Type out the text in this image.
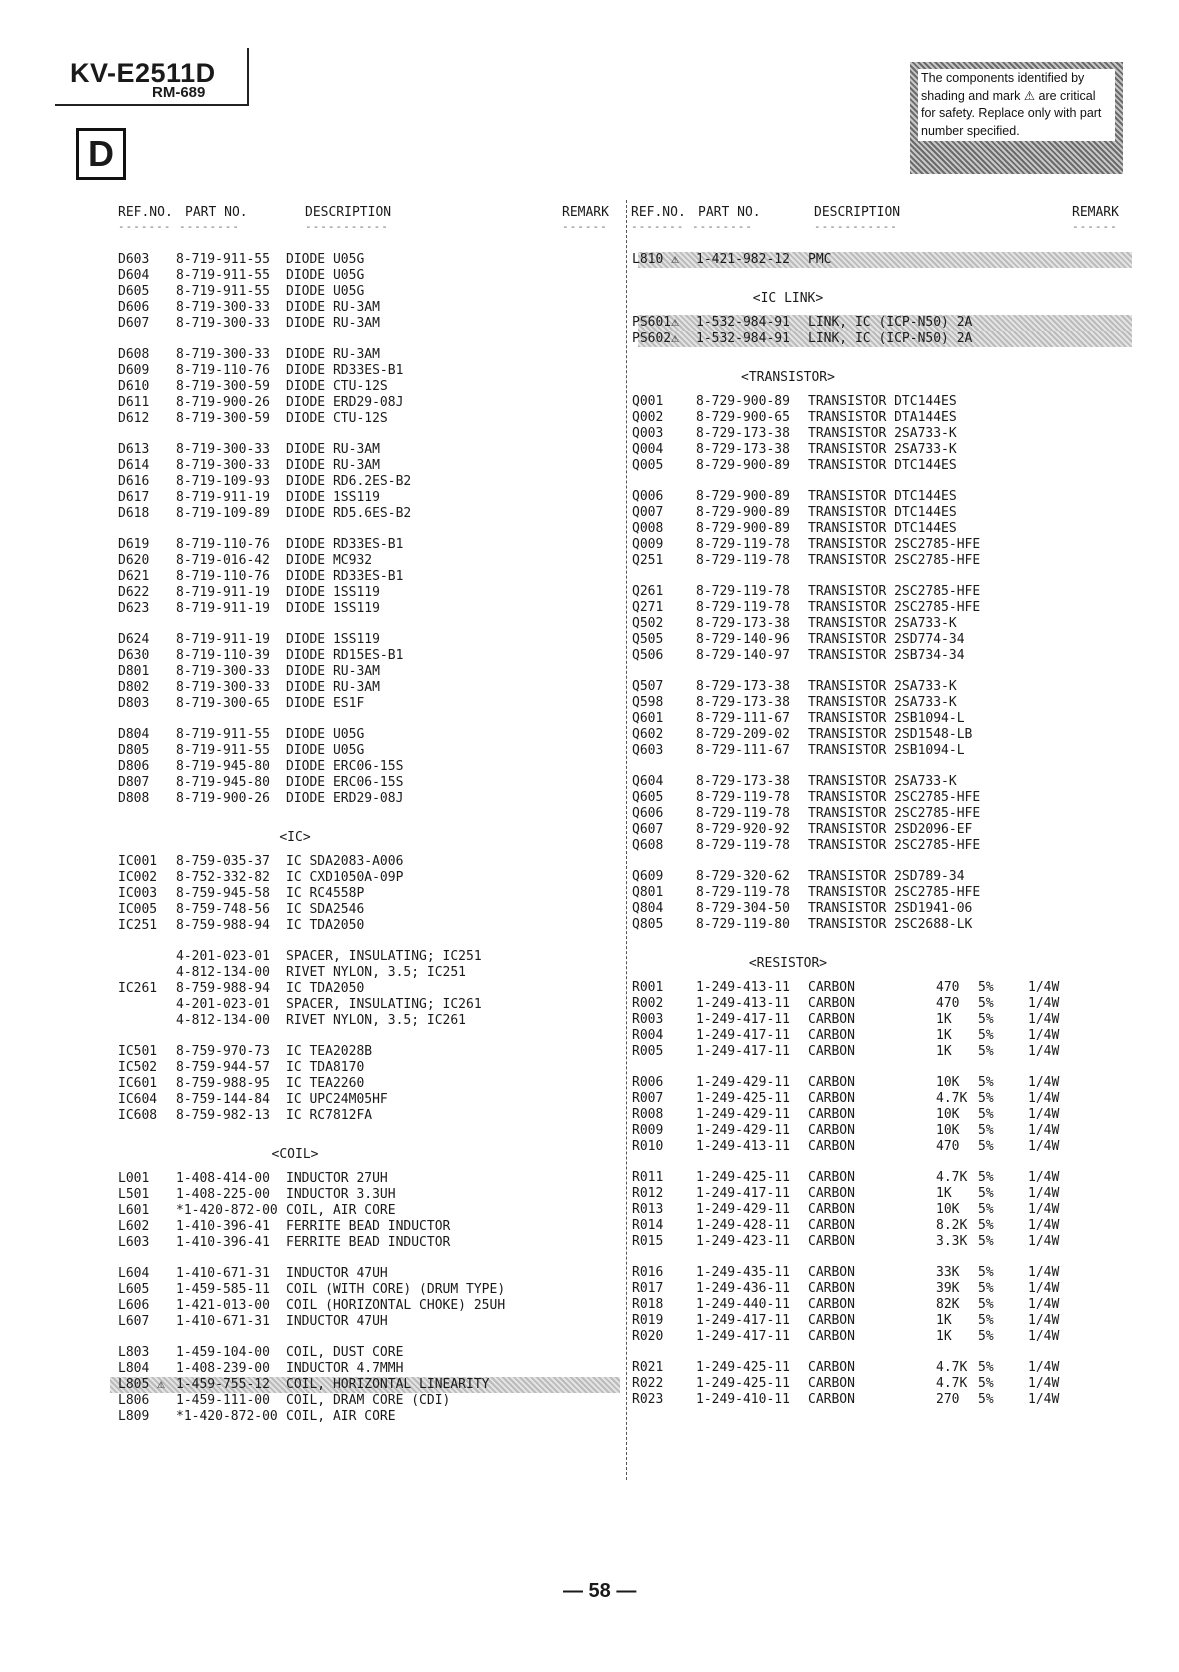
KV-E2511D
RM-689
D
The components identified by shading and mark ⚠ are critical for safety. Replace only with part number specified.
REF.NO. PART NO.	DESCRIPTION	REMARK
------- --------	-----------	------
REF.NO. PART NO.	DESCRIPTION	REMARK
------- --------	-----------	------
D603 8-719-911-55 DIODE U05G
D604 8-719-911-55 DIODE U05G
D605 8-719-911-55 DIODE U05G
D606 8-719-300-33 DIODE RU-3AM
D607 8-719-300-33 DIODE RU-3AM
D608 8-719-300-33 DIODE RU-3AM
D609 8-719-110-76 DIODE RD33ES-B1
D610 8-719-300-59 DIODE CTU-12S
D611 8-719-900-26 DIODE ERD29-08J
D612 8-719-300-59 DIODE CTU-12S
D613 8-719-300-33 DIODE RU-3AM
D614 8-719-300-33 DIODE RU-3AM
D616 8-719-109-93 DIODE RD6.2ES-B2
D617 8-719-911-19 DIODE 1SS119
D618 8-719-109-89 DIODE RD5.6ES-B2
D619 8-719-110-76 DIODE RD33ES-B1
D620 8-719-016-42 DIODE MC932
D621 8-719-110-76 DIODE RD33ES-B1
D622 8-719-911-19 DIODE 1SS119
D623 8-719-911-19 DIODE 1SS119
D624 8-719-911-19 DIODE 1SS119
D630 8-719-110-39 DIODE RD15ES-B1
D801 8-719-300-33 DIODE RU-3AM
D802 8-719-300-33 DIODE RU-3AM
D803 8-719-300-65 DIODE ES1F
D804 8-719-911-55 DIODE U05G
D805 8-719-911-55 DIODE U05G
D806 8-719-945-80 DIODE ERC06-15S
D807 8-719-945-80 DIODE ERC06-15S
D808 8-719-900-26 DIODE ERD29-08J
<IC>
IC001 8-759-035-37 IC SDA2083-A006
IC002 8-752-332-82 IC CXD1050A-09P
IC003 8-759-945-58 IC RC4558P
IC005 8-759-748-56 IC SDA2546
IC251 8-759-988-94 IC TDA2050
4-201-023-01 SPACER, INSULATING; IC251
4-812-134-00 RIVET NYLON, 3.5; IC251
IC261 8-759-988-94 IC TDA2050
4-201-023-01 SPACER, INSULATING; IC261
4-812-134-00 RIVET NYLON, 3.5; IC261
IC501 8-759-970-73 IC TEA2028B
IC502 8-759-944-57 IC TDA8170
IC601 8-759-988-95 IC TEA2260
IC604 8-759-144-84 IC UPC24M05HF
IC608 8-759-982-13 IC RC7812FA
<COIL>
L001 1-408-414-00 INDUCTOR 27UH
L501 1-408-225-00 INDUCTOR 3.3UH
L601 *1-420-872-00 COIL, AIR CORE
L602 1-410-396-41 FERRITE BEAD INDUCTOR
L603 1-410-396-41 FERRITE BEAD INDUCTOR
L604 1-410-671-31 INDUCTOR 47UH
L605 1-459-585-11 COIL (WITH CORE) (DRUM TYPE)
L606 1-421-013-00 COIL (HORIZONTAL CHOKE) 25UH
L607 1-410-671-31 INDUCTOR 47UH
L803 1-459-104-00 COIL, DUST CORE
L804 1-408-239-00 INDUCTOR 4.7MMH
L805 ⚠ 1-459-755-12 COIL, HORIZONTAL LINEARITY
L806 1-459-111-00 COIL, DRAM CORE (CDI)
L809 *1-420-872-00 COIL, AIR CORE
L810 ⚠ 1-421-982-12 PMC
<IC LINK>
PS601⚠ 1-532-984-91 LINK, IC (ICP-N50) 2A
PS602⚠ 1-532-984-91 LINK, IC (ICP-N50) 2A
<TRANSISTOR>
Q001	8-729-900-89 TRANSISTOR DTC144ES
Q002	8-729-900-65 TRANSISTOR DTA144ES
Q003	8-729-173-38 TRANSISTOR 2SA733-K
Q004	8-729-173-38 TRANSISTOR 2SA733-K
Q005	8-729-900-89 TRANSISTOR DTC144ES
Q006	8-729-900-89 TRANSISTOR DTC144ES
Q007	8-729-900-89 TRANSISTOR DTC144ES
Q008	8-729-900-89 TRANSISTOR DTC144ES
Q009	8-729-119-78 TRANSISTOR 2SC2785-HFE
Q251	8-729-119-78 TRANSISTOR 2SC2785-HFE
Q261	8-729-119-78 TRANSISTOR 2SC2785-HFE
Q271	8-729-119-78 TRANSISTOR 2SC2785-HFE
Q502	8-729-173-38 TRANSISTOR 2SA733-K
Q505	8-729-140-96 TRANSISTOR 2SD774-34
Q506	8-729-140-97 TRANSISTOR 2SB734-34
Q507	8-729-173-38 TRANSISTOR 2SA733-K
Q598	8-729-173-38 TRANSISTOR 2SA733-K
Q601	8-729-111-67 TRANSISTOR 2SB1094-L
Q602	8-729-209-02 TRANSISTOR 2SD1548-LB
Q603	8-729-111-67 TRANSISTOR 2SB1094-L
Q604	8-729-173-38 TRANSISTOR 2SA733-K
Q605	8-729-119-78 TRANSISTOR 2SC2785-HFE
Q606	8-729-119-78 TRANSISTOR 2SC2785-HFE
Q607	8-729-920-92 TRANSISTOR 2SD2096-EF
Q608	8-729-119-78 TRANSISTOR 2SC2785-HFE
Q609	8-729-320-62 TRANSISTOR 2SD789-34
Q801	8-729-119-78 TRANSISTOR 2SC2785-HFE
Q804	8-729-304-50 TRANSISTOR 2SD1941-06
Q805	8-729-119-80 TRANSISTOR 2SC2688-LK
<RESISTOR>
R001	1-249-413-11 CARBON	470 5%	1/4W
R002	1-249-413-11 CARBON	470 5%	1/4W
R003	1-249-417-11 CARBON	1K 5%	1/4W
R004	1-249-417-11 CARBON	1K 5%	1/4W
R005	1-249-417-11 CARBON	1K 5%	1/4W
R006	1-249-429-11 CARBON	10K 5%	1/4W
R007	1-249-425-11 CARBON	4.7K 5%	1/4W
R008	1-249-429-11 CARBON	10K 5%	1/4W
R009	1-249-429-11 CARBON	10K 5%	1/4W
R010	1-249-413-11 CARBON	470 5%	1/4W
R011	1-249-425-11 CARBON	4.7K 5%	1/4W
R012	1-249-417-11 CARBON	1K 5%	1/4W
R013	1-249-429-11 CARBON	10K 5%	1/4W
R014	1-249-428-11 CARBON	8.2K 5%	1/4W
R015	1-249-423-11 CARBON	3.3K 5%	1/4W
R016	1-249-435-11 CARBON	33K 5%	1/4W
R017	1-249-436-11 CARBON	39K 5%	1/4W
R018	1-249-440-11 CARBON	82K 5%	1/4W
R019	1-249-417-11 CARBON	1K 5%	1/4W
R020	1-249-417-11 CARBON	1K 5%	1/4W
R021	1-249-425-11 CARBON	4.7K 5%	1/4W
R022	1-249-425-11 CARBON	4.7K 5%	1/4W
R023	1-249-410-11 CARBON	270 5%	1/4W
— 58 —
